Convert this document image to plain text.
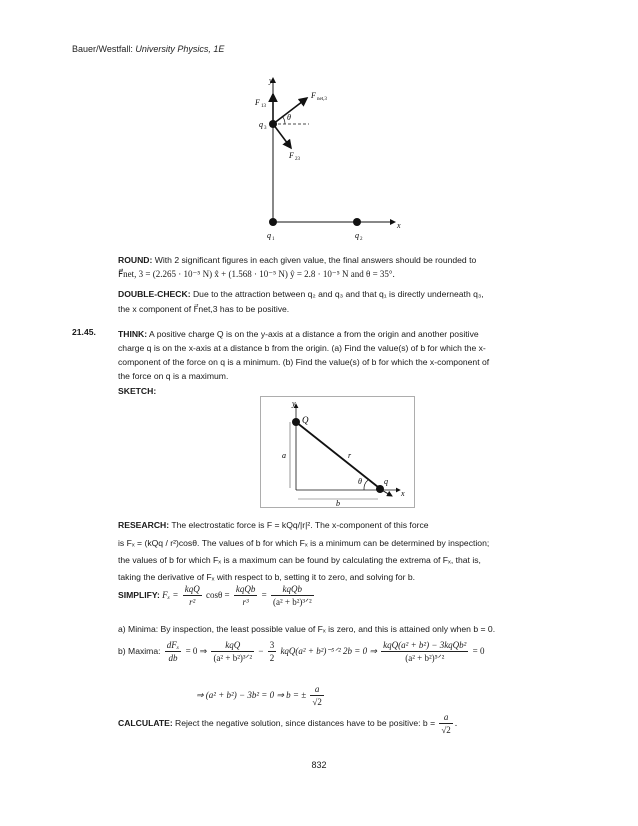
Bauer/Westfall: University Physics, 1E
y
x
F 13
F net,3
θ
F 23
q 3
q 1	q 2
ROUND: With 2 significant figures in each given value, the final answers should be rounded to
F⃗net, 3 = (2.265 · 10⁻⁵ N) x̂ + (1.568 · 10⁻⁵ N) ŷ = 2.8 · 10⁻⁵ N and θ = 35°.
DOUBLE-CHECK: Due to the attraction between q₂ and q₃ and that q₁ is directly underneath q₃,
the x component of F⃗net,3 has to be positive.
21.45.	THINK: A positive charge Q is on the y-axis at a distance a from the origin and another positive
charge q is on the x-axis at a distance b from the origin. (a) Find the value(s) of b for which the x-
component of the force on q is a minimum. (b) Find the value(s) of b for which the x-component of
the force on q is a maximum.
SKETCH:
y
x
Q
a	r
q
θ
b
RESEARCH: The electrostatic force is F = kQq/|r|². The x-component of this force
is Fₓ = (kQq / r²)cosθ. The values of b for which Fₓ is a minimum can be determined by inspection;
the values of b for which Fₓ is a maximum can be found by calculating the extrema of Fₓ, that is,
taking the derivative of Fₓ with respect to b, setting it to zero, and solving for b.
SIMPLIFY: $F_x = \frac{\text{kqQ}}{\text{r²}}$ $\cos\theta = \frac{\text{kqQb}}{\text{r³}} = \frac{\text{kqQb}}{\text{(a² + b²)³ᐟ²}}$
a) Minima: By inspection, the least possible value of Fₓ is zero, and this is attained only when b = 0.
b) Maxima: $\frac{\text{dFₓ}}{db} = 0$ ⇒ $\frac{\text{kqQ}}{\text{(a² + b²)³ᐟ²}} - \frac{3}{2} kqQ(a^2$ + b²)⁻⁵ᐟ² 2b = 0 ⇒ $\frac{\text{kqQ(a² + b²) − 3kqQb²}}{\text{(a² + b²)⁵ᐟ²}} = 0$
⇒ (a² + b²) − 3b² = 0 ⇒ b = ± $\frac{a}{√2}$
CALCULATE: Reject the negative solution, since distances have to be positive: $b = \frac{a}{√2}$ .
832
